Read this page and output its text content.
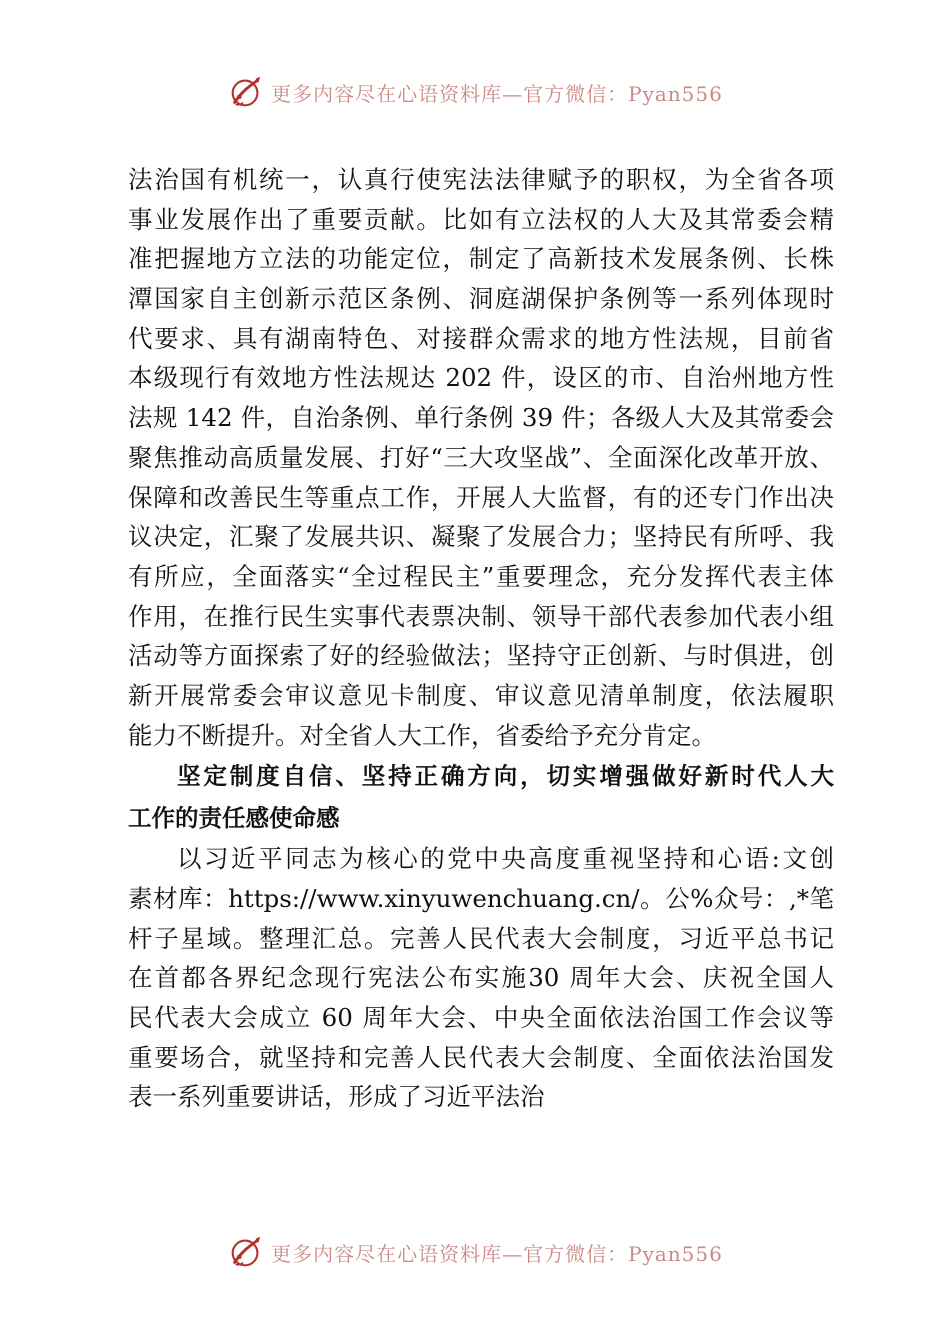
更多内容尽在心语资料库—官方微信：Pyan556
法治国有机统一，认真行使宪法法律赋予的职权，为全省各项
事业发展作出了重要贡献。比如有立法权的人大及其常委会精
准把握地方立法的功能定位，制定了高新技术发展条例、长株
潭国家自主创新示范区条例、洞庭湖保护条例等一系列体现时
代要求、具有湖南特色、对接群众需求的地方性法规，目前省
本级现行有效地方性法规达 202 件，设区的市、自治州地方性
法规 142 件，自治条例、单行条例 39 件；各级人大及其常委会
聚焦推动高质量发展、打好“三大攻坚战”、全面深化改革开放、
保障和改善民生等重点工作，开展人大监督，有的还专门作出决
议决定，汇聚了发展共识、凝聚了发展合力；坚持民有所呼、我
有所应，全面落实“全过程民主”重要理念，充分发挥代表主体
作用，在推行民生实事代表票决制、领导干部代表参加代表小组
活动等方面探索了好的经验做法；坚持守正创新、与时俱进，创
新开展常委会审议意见卡制度、审议意见清单制度，依法履职
能力不断提升。对全省人大工作，省委给予充分肯定。
坚定制度自信、坚持正确方向，切实增强做好新时代人大
工作的责任感使命感
以习近平同志为核心的党中央高度重视坚持和心语:文创
素材库：https://www.xinyuwenchuang.cn/。公%众号：,*笔
杆子星域。整理汇总。完善人民代表大会制度，习近平总书记
在首都各界纪念现行宪法公布实施30 周年大会、庆祝全国人
民代表大会成立 60 周年大会、中央全面依法治国工作会议等
重要场合，就坚持和完善人民代表大会制度、全面依法治国发
表一系列重要讲话，形成了习近平法治
更多内容尽在心语资料库—官方微信：Pyan556
